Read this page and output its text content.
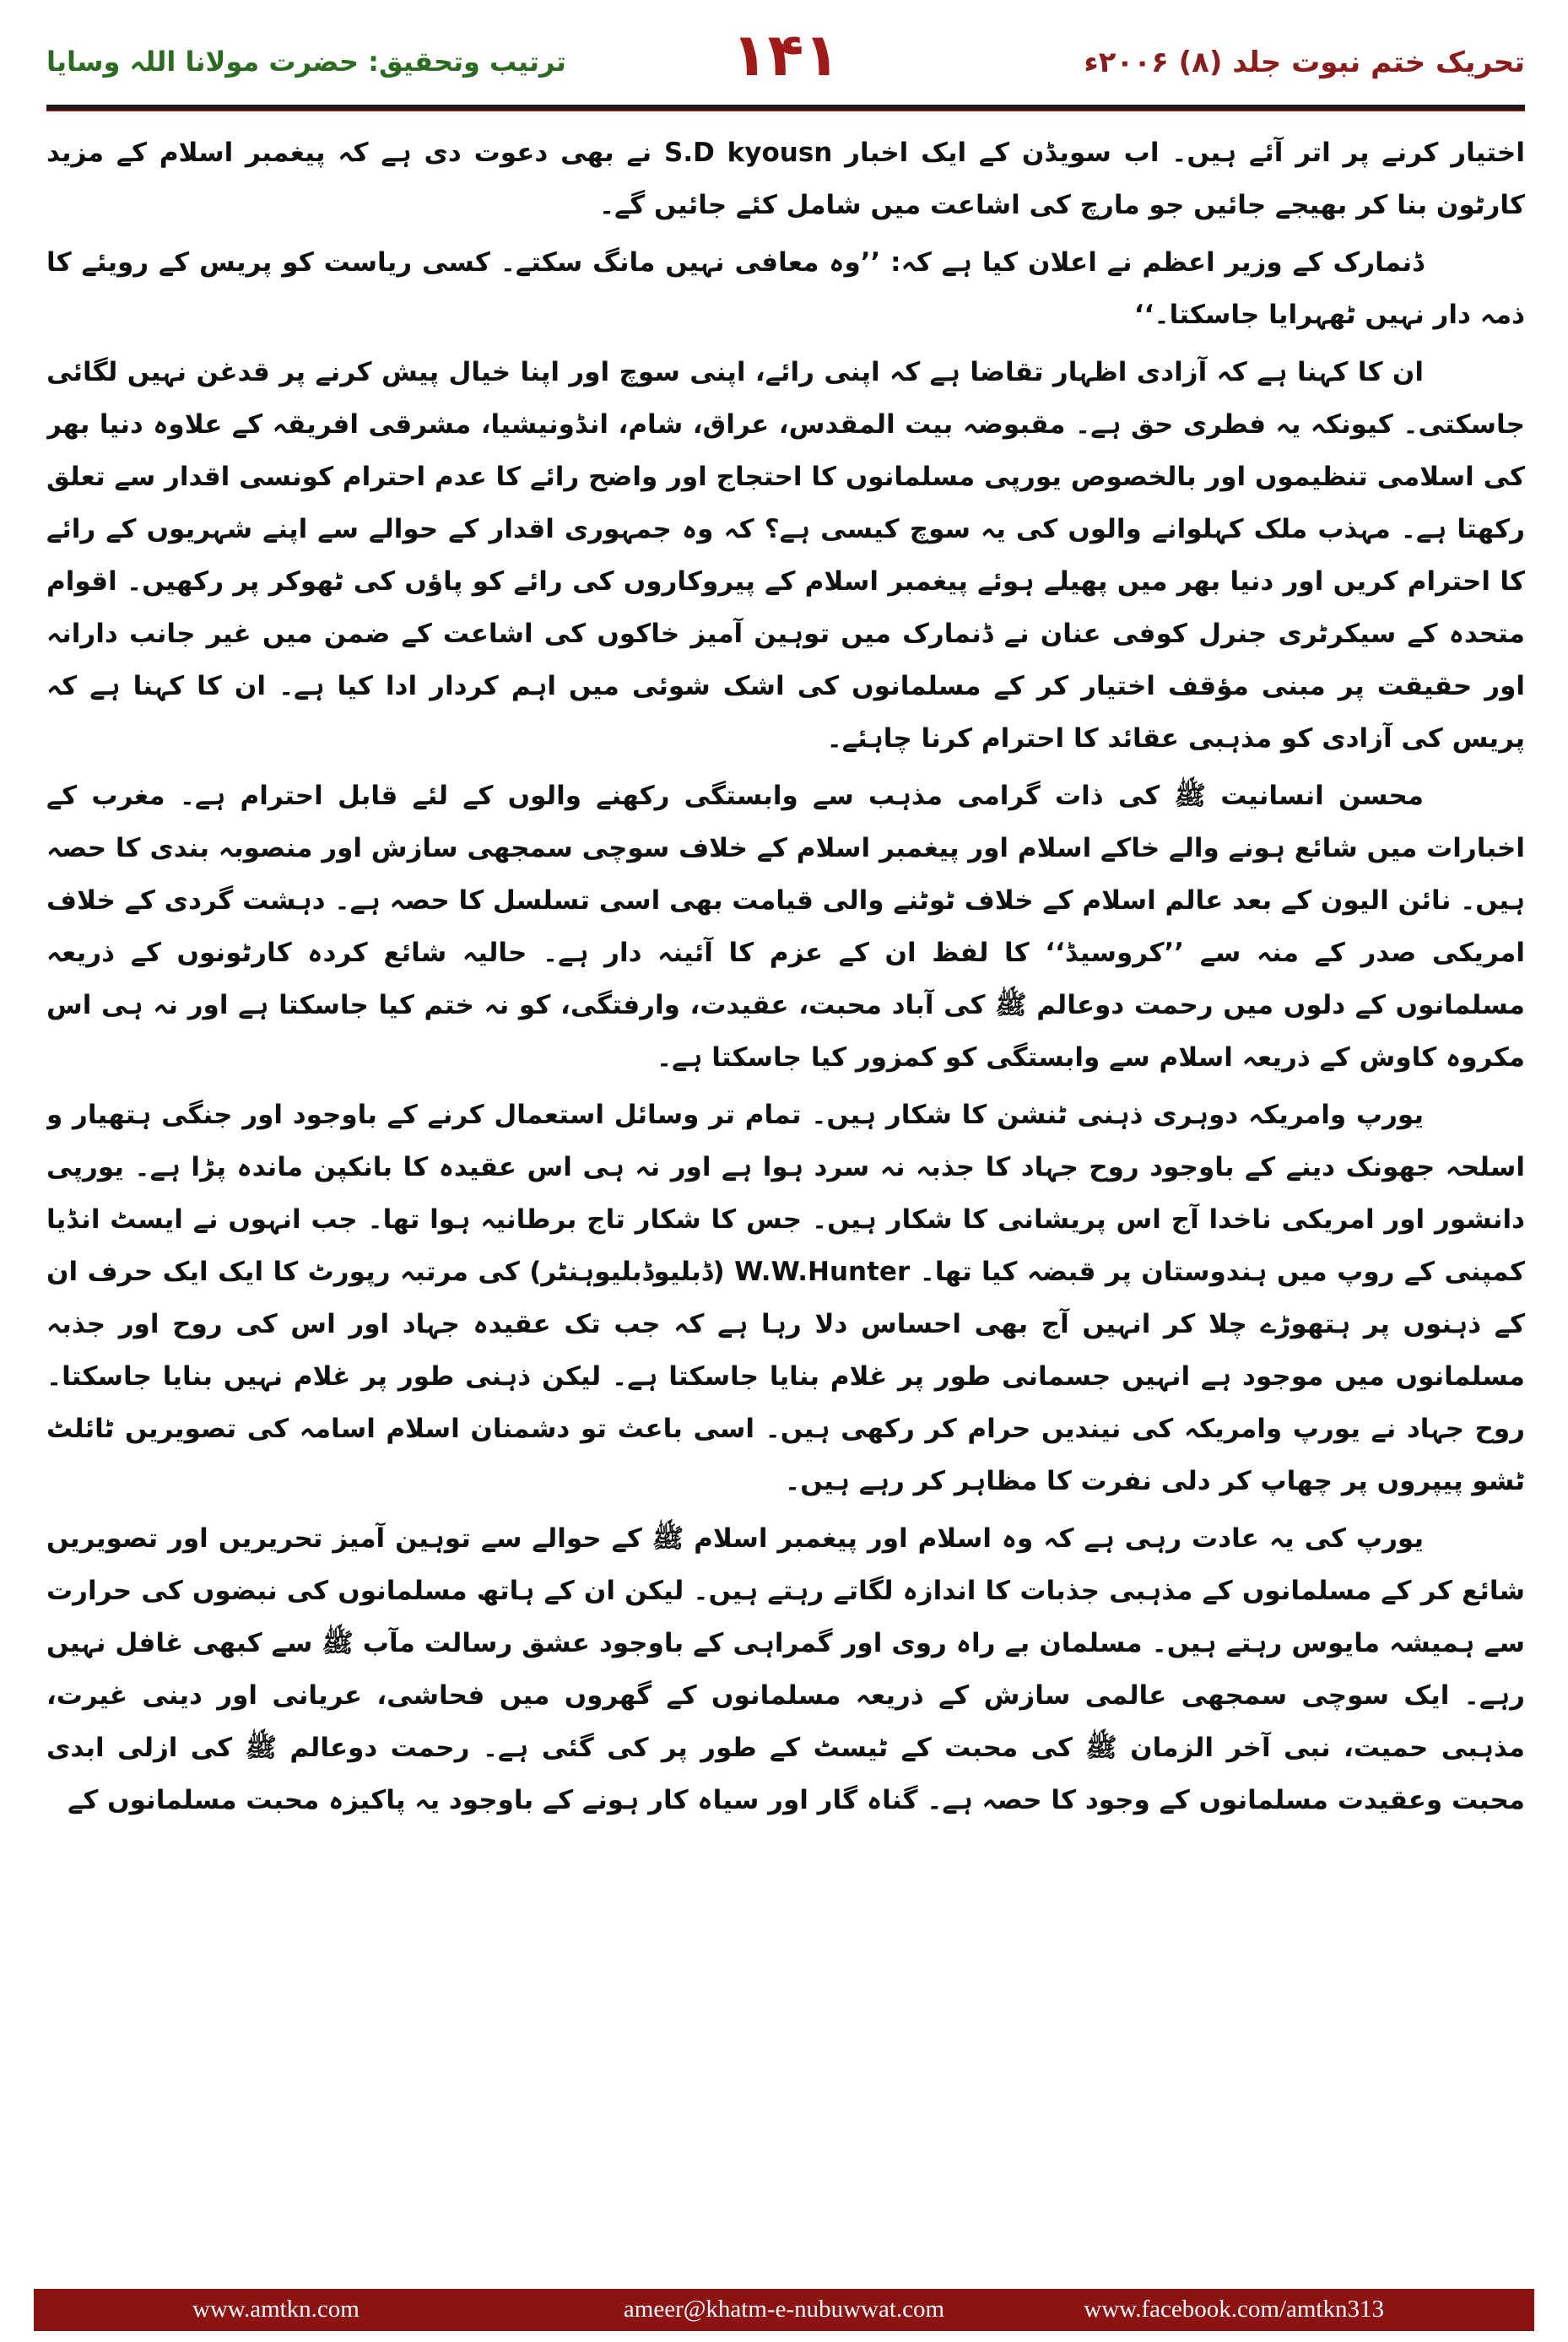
تحریک ختم نبوت جلد (۸) ۲۰۰۶ء
۱۴۱
ترتیب وتحقیق: حضرت مولانا اللہ وسایا

اختیار کرنے پر اتر آئے ہیں۔ اب سویڈن کے ایک اخبار S.D kyousn نے بھی دعوت دی ہے کہ پیغمبر اسلام کے مزید کارٹون بنا کر بھیجے جائیں جو مارچ کی اشاعت میں شامل کئے جائیں گے۔

ڈنمارک کے وزیر اعظم نے اعلان کیا ہے کہ: ’’وہ معافی نہیں مانگ سکتے۔ کسی ریاست کو پریس کے رویئے کا ذمہ دار نہیں ٹھہرایا جاسکتا۔‘‘

ان کا کہنا ہے کہ آزادی اظہار تقاضا ہے کہ اپنی رائے، اپنی سوچ اور اپنا خیال پیش کرنے پر قدغن نہیں لگائی جاسکتی۔ کیونکہ یہ فطری حق ہے۔ مقبوضہ بیت المقدس، عراق، شام، انڈونیشیا، مشرقی افریقہ کے علاوہ دنیا بھر کی اسلامی تنظیموں اور بالخصوص یورپی مسلمانوں کا احتجاج اور واضح رائے کا عدم احترام کونسی اقدار سے تعلق رکھتا ہے۔ مہذب ملک کہلوانے والوں کی یہ سوچ کیسی ہے؟ کہ وہ جمہوری اقدار کے حوالے سے اپنے شہریوں کے رائے کا احترام کریں اور دنیا بھر میں پھیلے ہوئے پیغمبر اسلام کے پیروکاروں کی رائے کو پاؤں کی ٹھوکر پر رکھیں۔ اقوام متحدہ کے سیکرٹری جنرل کوفی عنان نے ڈنمارک میں توہین آمیز خاکوں کی اشاعت کے ضمن میں غیر جانب دارانہ اور حقیقت پر مبنی مؤقف اختیار کر کے مسلمانوں کی اشک شوئی میں اہم کردار ادا کیا ہے۔ ان کا کہنا ہے کہ پریس کی آزادی کو مذہبی عقائد کا احترام کرنا چاہئے۔

محسن انسانیت ﷺ کی ذات گرامی مذہب سے وابستگی رکھنے والوں کے لئے قابل احترام ہے۔ مغرب کے اخبارات میں شائع ہونے والے خاکے اسلام اور پیغمبر اسلام کے خلاف سوچی سمجھی سازش اور منصوبہ بندی کا حصہ ہیں۔ نائن الیون کے بعد عالم اسلام کے خلاف ٹوٹنے والی قیامت بھی اسی تسلسل کا حصہ ہے۔ دہشت گردی کے خلاف امریکی صدر کے منہ سے ’’کروسیڈ‘‘ کا لفظ ان کے عزم کا آئینہ دار ہے۔ حالیہ شائع کردہ کارٹونوں کے ذریعہ مسلمانوں کے دلوں میں رحمت دوعالم ﷺ کی آباد محبت، عقیدت، وارفتگی، کو نہ ختم کیا جاسکتا ہے اور نہ ہی اس مکروہ کاوش کے ذریعہ اسلام سے وابستگی کو کمزور کیا جاسکتا ہے۔

یورپ وامریکہ دوہری ذہنی ٹنشن کا شکار ہیں۔ تمام تر وسائل استعمال کرنے کے باوجود اور جنگی ہتھیار و اسلحہ جھونک دینے کے باوجود روح جہاد کا جذبہ نہ سرد ہوا ہے اور نہ ہی اس عقیدہ کا بانکپن ماندہ پڑا ہے۔ یورپی دانشور اور امریکی ناخدا آج اس پریشانی کا شکار ہیں۔ جس کا شکار تاج برطانیہ ہوا تھا۔ جب انہوں نے ایسٹ انڈیا کمپنی کے روپ میں ہندوستان پر قبضہ کیا تھا۔ W.W.Hunter (ڈبلیوڈبلیوہنٹر) کی مرتبہ رپورٹ کا ایک ایک حرف ان کے ذہنوں پر ہتھوڑے چلا کر انہیں آج بھی احساس دلا رہا ہے کہ جب تک عقیدہ جہاد اور اس کی روح اور جذبہ مسلمانوں میں موجود ہے انہیں جسمانی طور پر غلام بنایا جاسکتا ہے۔ لیکن ذہنی طور پر غلام نہیں بنایا جاسکتا۔ روح جہاد نے یورپ وامریکہ کی نیندیں حرام کر رکھی ہیں۔ اسی باعث تو دشمنان اسلام اسامہ کی تصویریں ٹائلٹ ٹشو پیپروں پر چھاپ کر دلی نفرت کا مظاہر کر رہے ہیں۔

یورپ کی یہ عادت رہی ہے کہ وہ اسلام اور پیغمبر اسلام ﷺ کے حوالے سے توہین آمیز تحریریں اور تصویریں شائع کر کے مسلمانوں کے مذہبی جذبات کا اندازہ لگاتے رہتے ہیں۔ لیکن ان کے ہاتھ مسلمانوں کی نبضوں کی حرارت سے ہمیشہ مایوس رہتے ہیں۔ مسلمان بے راہ روی اور گمراہی کے باوجود عشق رسالت مآب ﷺ سے کبھی غافل نہیں رہے۔ ایک سوچی سمجھی عالمی سازش کے ذریعہ مسلمانوں کے گھروں میں فحاشی، عریانی اور دینی غیرت، مذہبی حمیت، نبی آخر الزمان ﷺ کی محبت کے ٹیسٹ کے طور پر کی گئی ہے۔ رحمت دوعالم ﷺ کی ازلی ابدی محبت وعقیدت مسلمانوں کے وجود کا حصہ ہے۔ گناہ گار اور سیاہ کار ہونے کے باوجود یہ پاکیزہ محبت مسلمانوں کے

www.amtkn.com	ameer@khatm-e-nubuwwat.com	www.facebook.com/amtkn313
